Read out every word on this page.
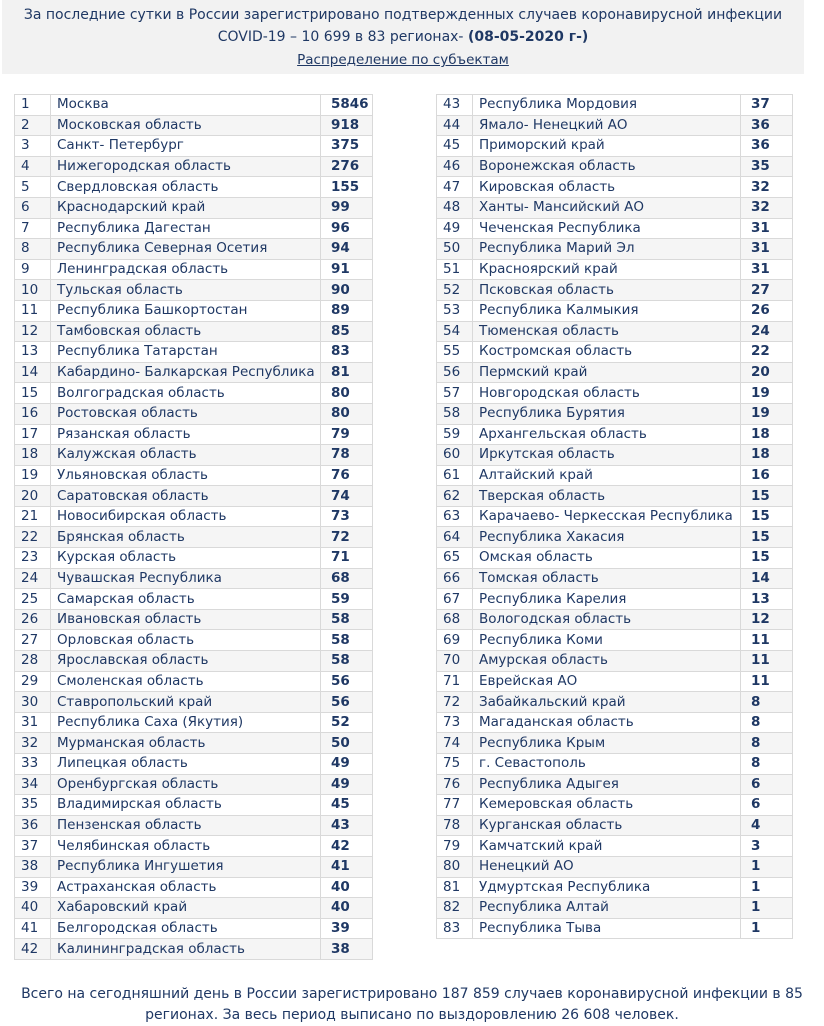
За последние сутки в России зарегистрировано подтвержденных случаев коронавирусной инфекции
COVID-19 – 10 699 в 83 регионах- (08-05-2020 г-)
Распределение по субъектам
1	Москва	5846
2	Московская область	918
3	Санкт- Петербург	375
4	Нижегородская область	276
5	Свердловская область	155
6	Краснодарский край	99
7	Республика Дагестан	96
8	Республика Северная Осетия	94
9	Ленинградская область	91
10	Тульская область	90
11	Республика Башкортостан	89
12	Тамбовская область	85
13	Республика Татарстан	83
14	Кабардино- Балкарская Республика	81
15	Волгоградская область	80
16	Ростовская область	80
17	Рязанская область	79
18	Калужская область	78
19	Ульяновская область	76
20	Саратовская область	74
21	Новосибирская область	73
22	Брянская область	72
23	Курская область	71
24	Чувашская Республика	68
25	Самарская область	59
26	Ивановская область	58
27	Орловская область	58
28	Ярославская область	58
29	Смоленская область	56
30	Ставропольский край	56
31	Республика Саха (Якутия)	52
32	Мурманская область	50
33	Липецкая область	49
34	Оренбургская область	49
35	Владимирская область	45
36	Пензенская область	43
37	Челябинская область	42
38	Республика Ингушетия	41
39	Астраханская область	40
40	Хабаровский край	40
41	Белгородская область	39
42	Калининградская область	38
43	Республика Мордовия	37
44	Ямало- Ненецкий АО	36
45	Приморский край	36
46	Воронежская область	35
47	Кировская область	32
48	Ханты- Мансийский АО	32
49	Чеченская Республика	31
50	Республика Марий Эл	31
51	Красноярский край	31
52	Псковская область	27
53	Республика Калмыкия	26
54	Тюменская область	24
55	Костромская область	22
56	Пермский край	20
57	Новгородская область	19
58	Республика Бурятия	19
59	Архангельская область	18
60	Иркутская область	18
61	Алтайский край	16
62	Тверская область	15
63	Карачаево- Черкесская Республика	15
64	Республика Хакасия	15
65	Омская область	15
66	Томская область	14
67	Республика Карелия	13
68	Вологодская область	12
69	Республика Коми	11
70	Амурская область	11
71	Еврейская АО	11
72	Забайкальский край	8
73	Магаданская область	8
74	Республика Крым	8
75	г. Севастополь	8
76	Республика Адыгея	6
77	Кемеровская область	6
78	Курганская область	4
79	Камчатский край	3
80	Ненецкий АО	1
81	Удмуртская Республика	1
82	Республика Алтай	1
83	Республика Тыва	1
Всего на сегодняшний день в России зарегистрировано 187 859 случаев коронавирусной инфекции в 85
регионах. За весь период выписано по выздоровлению 26 608 человек.
